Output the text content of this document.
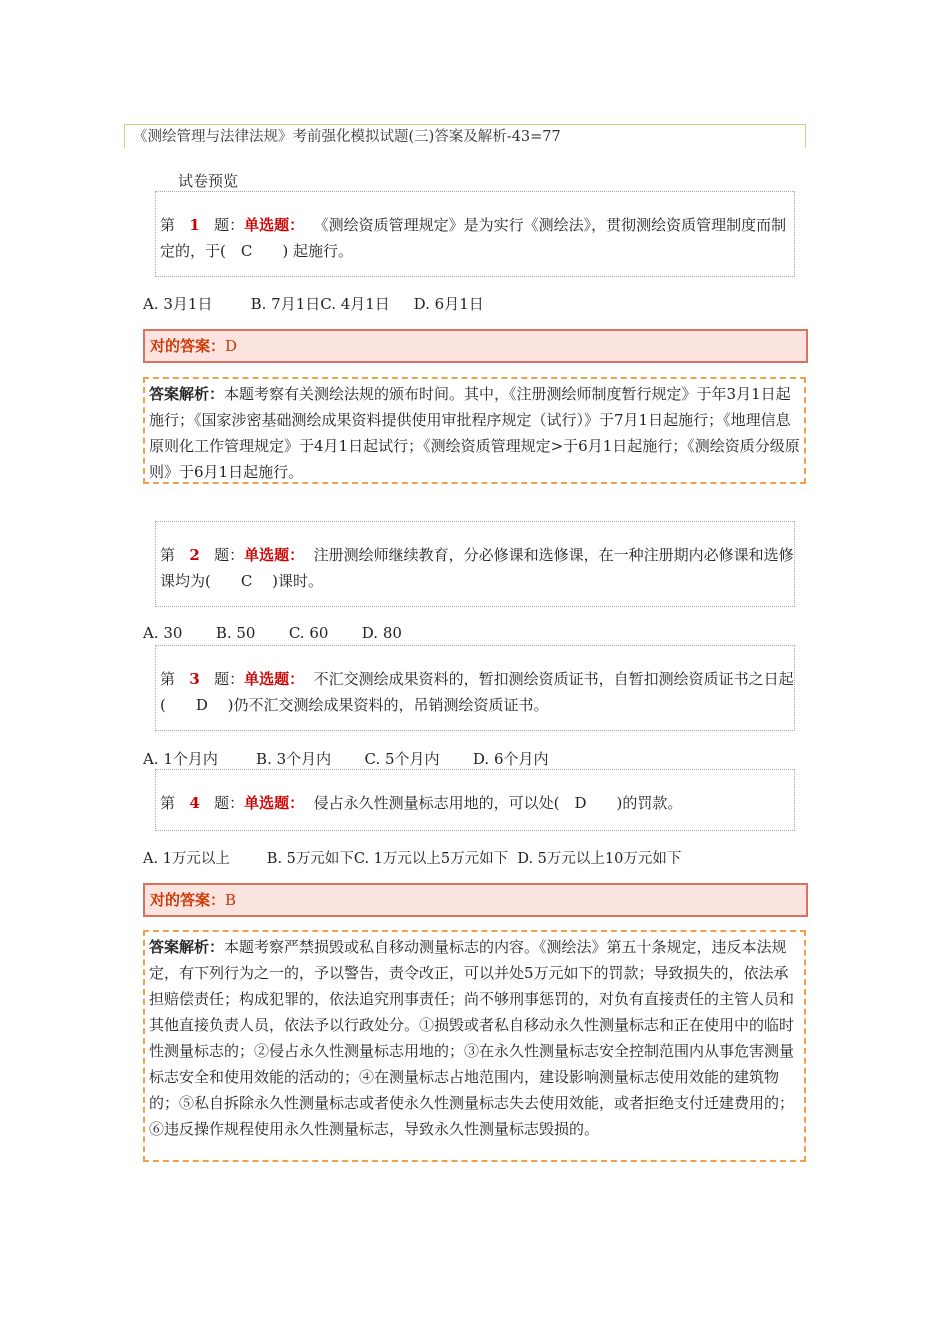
《测绘管理与法律法规》考前强化模拟试题(三)答案及解析-43=77
试卷预览
第 1 题：单选题： 《测绘资质管理规定》是为实行《测绘法》，贯彻测绘资质管理制度而制定的，于(　C　　) 起施行。
A. 3月1日        B. 7月1日C. 4月1日     D. 6月1日
对的答案：D
答案解析：本题考察有关测绘法规的颁布时间。其中，《注册测绘师制度暂行规定》于年3月1日起施行；《国家涉密基础测绘成果资料提供使用审批程序规定（试行）》于7月1日起施行；《地理信息原则化工作管理规定》于4月1日起试行；《测绘资质管理规定>于6月1日起施行；《测绘资质分级原则》于6月1日起施行。
第 2 题：单选题： 注册测绘师继续教育，分必修课和选修课，在一种注册期内必修课和选修课均为(　　C　 )课时。
A. 30       B. 50       C. 60       D. 80
第 3 题：单选题： 不汇交测绘成果资料的，暂扣测绘资质证书，自暂扣测绘资质证书之日起(　　D　 )仍不汇交测绘成果资料的，吊销测绘资质证书。
A. 1个月内        B. 3个月内       C. 5个月内       D. 6个月内
第 4 题：单选题： 侵占永久性测量标志用地的，可以处(　D　　)的罚款。
A. 1万元以上        B. 5万元如下C. 1万元以上5万元如下  D. 5万元以上10万元如下
对的答案：B
答案解析：本题考察严禁损毁或私自移动测量标志的内容。《测绘法》第五十条规定，违反本法规定，有下列行为之一的，予以警告，责令改正，可以并处5万元如下的罚款；导致损失的，依法承担赔偿责任；构成犯罪的，依法追究刑事责任；尚不够刑事惩罚的，对负有直接责任的主管人员和其他直接负责人员，依法予以行政处分。①损毁或者私自移动永久性测量标志和正在使用中的临时性测量标志的；②侵占永久性测量标志用地的；③在永久性测量标志安全控制范围内从事危害测量标志安全和使用效能的活动的；④在测量标志占地范围内，建设影响测量标志使用效能的建筑物的；⑤私自拆除永久性测量标志或者使永久性测量标志失去使用效能，或者拒绝支付迁建费用的；⑥违反操作规程使用永久性测量标志，导致永久性测量标志毁损的。
